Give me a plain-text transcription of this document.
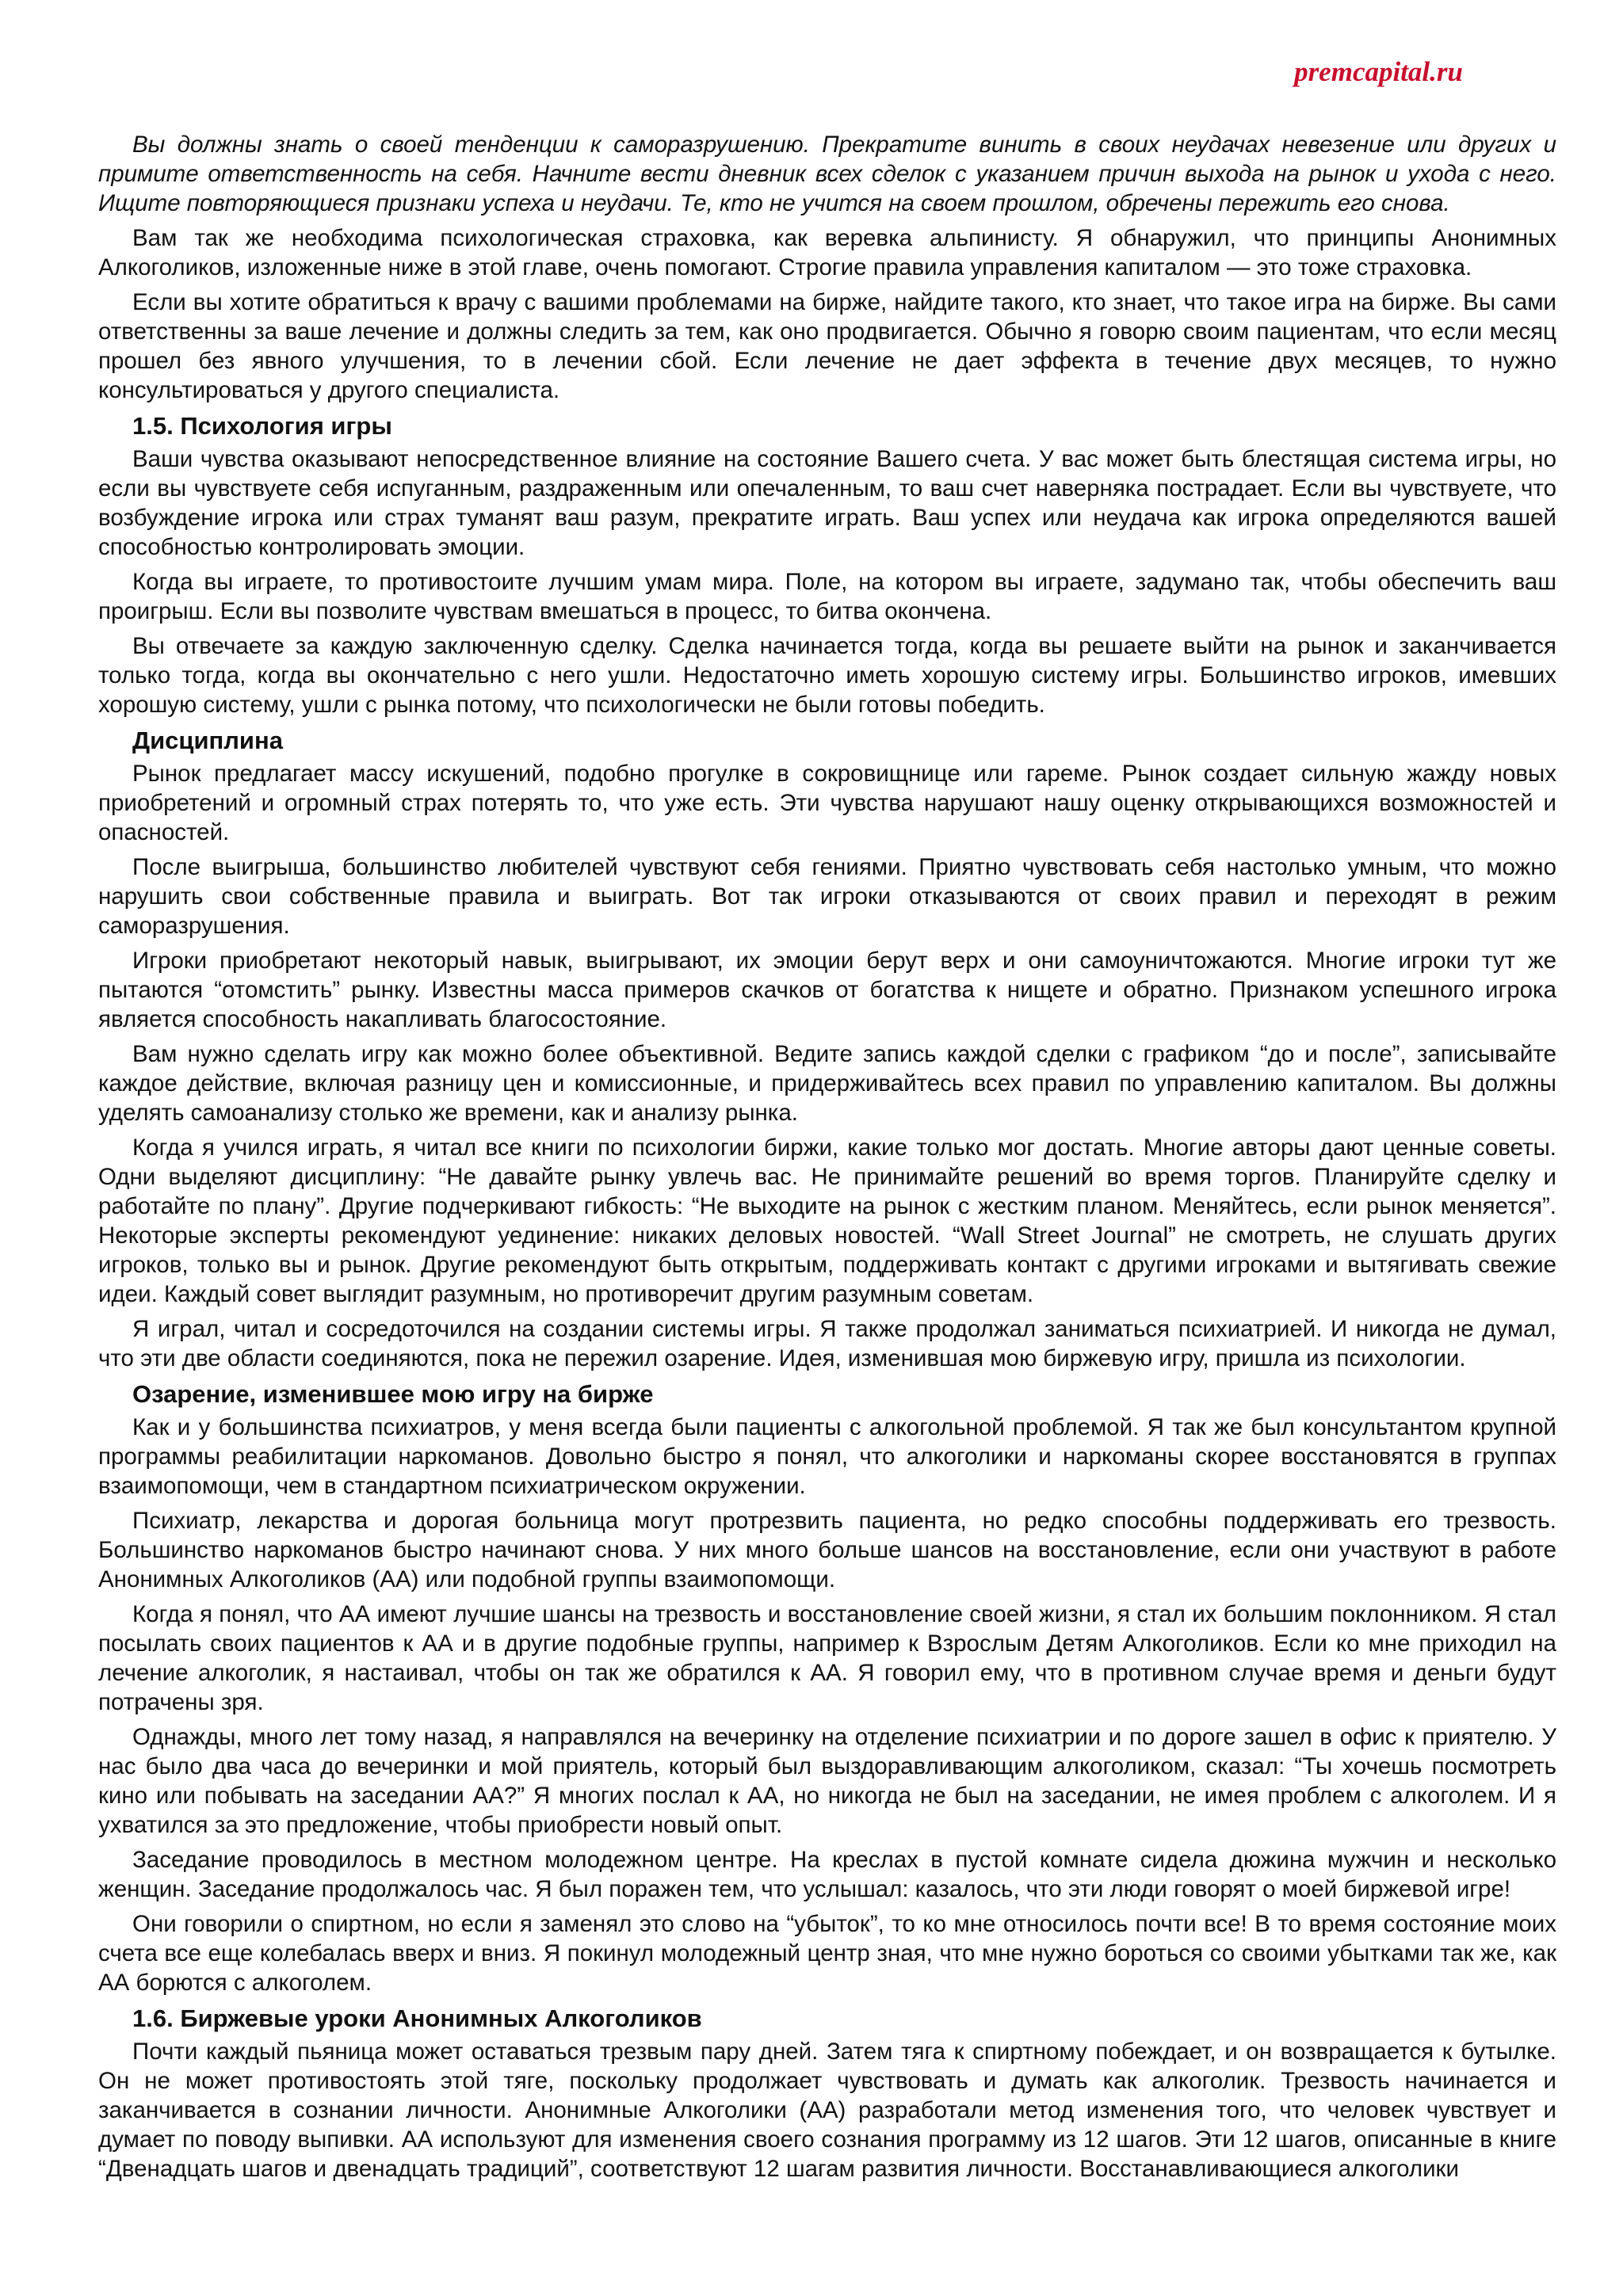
premcapital.ru

Вы должны знать о своей тенденции к саморазрушению. Прекратите винить в своих неудачах невезение или других и примите ответственность на себя. Начните вести дневник всех сделок с указанием причин выхода на рынок и ухода с него. Ищите повторяющиеся признаки успеха и неудачи. Те, кто не учится на своем прошлом, обречены пережить его снова.

Вам так же необходима психологическая страховка, как веревка альпинисту. Я обнаружил, что принципы Анонимных Алкоголиков, изложенные ниже в этой главе, очень помогают. Строгие правила управления капиталом — это тоже страховка.

Если вы хотите обратиться к врачу с вашими проблемами на бирже, найдите такого, кто знает, что такое игра на бирже. Вы сами ответственны за ваше лечение и должны следить за тем, как оно продвигается. Обычно я говорю своим пациентам, что если месяц прошел без явного улучшения, то в лечении сбой. Если лечение не дает эффекта в течение двух месяцев, то нужно консультироваться у другого специалиста.

1.5. Психология игры

Ваши чувства оказывают непосредственное влияние на состояние Вашего счета. У вас может быть блестящая система игры, но если вы чувствуете себя испуганным, раздраженным или опечаленным, то ваш счет наверняка пострадает. Если вы чувствуете, что возбуждение игрока или страх туманят ваш разум, прекратите играть. Ваш успех или неудача как игрока определяются вашей способностью контролировать эмоции.

Когда вы играете, то противостоите лучшим умам мира. Поле, на котором вы играете, задумано так, чтобы обеспечить ваш проигрыш. Если вы позволите чувствам вмешаться в процесс, то битва окончена.

Вы отвечаете за каждую заключенную сделку. Сделка начинается тогда, когда вы решаете выйти на рынок и заканчивается только тогда, когда вы окончательно с него ушли. Недостаточно иметь хорошую систему игры. Большинство игроков, имевших хорошую систему, ушли с рынка потому, что психологически не были готовы победить.

Дисциплина

Рынок предлагает массу искушений, подобно прогулке в сокровищнице или гареме. Рынок создает сильную жажду новых приобретений и огромный страх потерять то, что уже есть. Эти чувства нарушают нашу оценку открывающихся возможностей и опасностей.

После выигрыша, большинство любителей чувствуют себя гениями. Приятно чувствовать себя настолько умным, что можно нарушить свои собственные правила и выиграть. Вот так игроки отказываются от своих правил и переходят в режим саморазрушения.

Игроки приобретают некоторый навык, выигрывают, их эмоции берут верх и они самоуничтожаются. Многие игроки тут же пытаются “отомстить” рынку. Известны масса примеров скачков от богатства к нищете и обратно. Признаком успешного игрока является способность накапливать благосостояние.

Вам нужно сделать игру как можно более объективной. Ведите запись каждой сделки с графиком “до и после”, записывайте каждое действие, включая разницу цен и комиссионные, и придерживайтесь всех правил по управлению капиталом. Вы должны уделять самоанализу столько же времени, как и анализу рынка.

Когда я учился играть, я читал все книги по психологии биржи, какие только мог достать. Многие авторы дают ценные советы. Одни выделяют дисциплину: “Не давайте рынку увлечь вас. Не принимайте решений во время торгов. Планируйте сделку и работайте по плану”. Другие подчеркивают гибкость: “Не выходите на рынок с жестким планом. Меняйтесь, если рынок меняется”. Некоторые эксперты рекомендуют уединение: никаких деловых новостей. “Wall Street Journal” не смотреть, не слушать других игроков, только вы и рынок. Другие рекомендуют быть открытым, поддерживать контакт с другими игроками и вытягивать свежие идеи. Каждый совет выглядит разумным, но противоречит другим разумным советам.

Я играл, читал и сосредоточился на создании системы игры. Я также продолжал заниматься психиатрией. И никогда не думал, что эти две области соединяются, пока не пережил озарение. Идея, изменившая мою биржевую игру, пришла из психологии.

Озарение, изменившее мою игру на бирже

Как и у большинства психиатров, у меня всегда были пациенты с алкогольной проблемой. Я так же был консультантом крупной программы реабилитации наркоманов. Довольно быстро я понял, что алкоголики и наркоманы скорее восстановятся в группах взаимопомощи, чем в стандартном психиатрическом окружении.

Психиатр, лекарства и дорогая больница могут протрезвить пациента, но редко способны поддерживать его трезвость. Большинство наркоманов быстро начинают снова. У них много больше шансов на восстановление, если они участвуют в работе Анонимных Алкоголиков (АА) или подобной группы взаимопомощи.

Когда я понял, что АА имеют лучшие шансы на трезвость и восстановление своей жизни, я стал их большим поклонником. Я стал посылать своих пациентов к АА и в другие подобные группы, например к Взрослым Детям Алкоголиков. Если ко мне приходил на лечение алкоголик, я настаивал, чтобы он так же обратился к АА. Я говорил ему, что в противном случае время и деньги будут потрачены зря.

Однажды, много лет тому назад, я направлялся на вечеринку на отделение психиатрии и по дороге зашел в офис к приятелю. У нас было два часа до вечеринки и мой приятель, который был выздоравливающим алкоголиком, сказал: “Ты хочешь посмотреть кино или побывать на заседании АА?” Я многих послал к АА, но никогда не был на заседании, не имея проблем с алкоголем. И я ухватился за это предложение, чтобы приобрести новый опыт.

Заседание проводилось в местном молодежном центре. На креслах в пустой комнате сидела дюжина мужчин и несколько женщин. Заседание продолжалось час. Я был поражен тем, что услышал: казалось, что эти люди говорят о моей биржевой игре!

Они говорили о спиртном, но если я заменял это слово на “убыток”, то ко мне относилось почти все! В то время состояние моих счета все еще колебалась вверх и вниз. Я покинул молодежный центр зная, что мне нужно бороться со своими убытками так же, как АА борются с алкоголем.

1.6. Биржевые уроки Анонимных Алкоголиков

Почти каждый пьяница может оставаться трезвым пару дней. Затем тяга к спиртному побеждает, и он возвращается к бутылке. Он не может противостоять этой тяге, поскольку продолжает чувствовать и думать как алкоголик. Трезвость начинается и заканчивается в сознании личности. Анонимные Алкоголики (АА) разработали метод изменения того, что человек чувствует и думает по поводу выпивки. АА используют для изменения своего сознания программу из 12 шагов. Эти 12 шагов, описанные в книге “Двенадцать шагов и двенадцать традиций”, соответствуют 12 шагам развития личности. Восстанавливающиеся алкоголики
